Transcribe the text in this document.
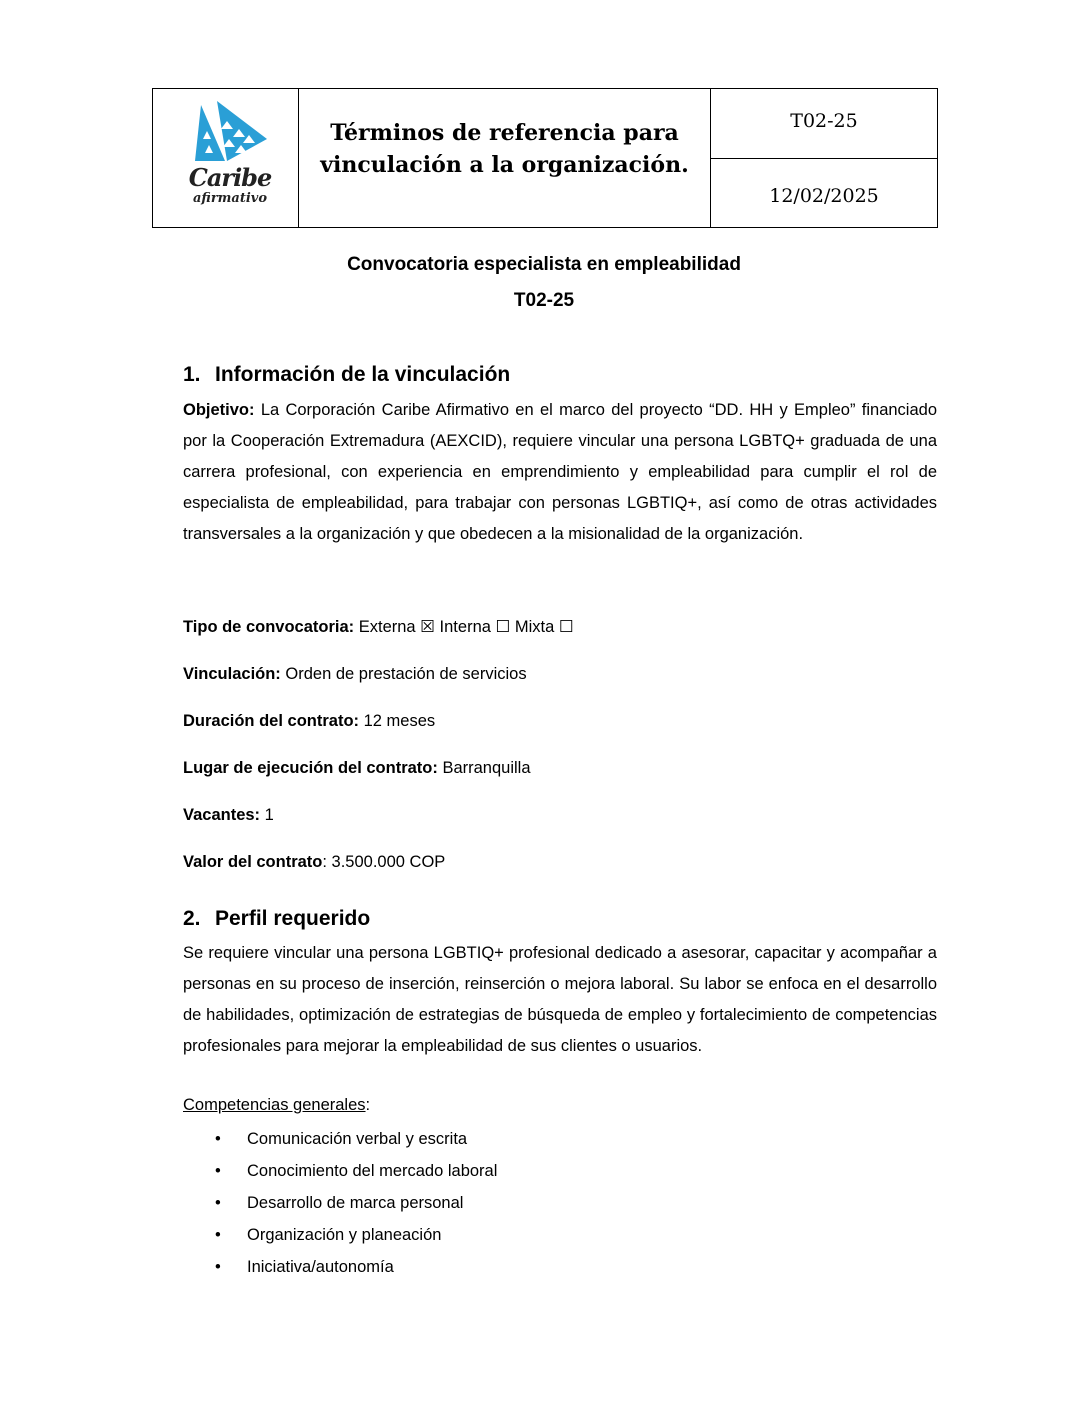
Caribe
afirmativo
Términos de referencia para vinculación a la organización.
T02-25
12/02/2025
Convocatoria especialista en empleabilidad
T02-25
1. Información de la vinculación
Objetivo: La Corporación Caribe Afirmativo en el marco del proyecto “DD. HH y Empleo” financiado por la Cooperación Extremadura (AEXCID), requiere vincular una persona LGBTQ+ graduada de una carrera profesional, con experiencia en emprendimiento y empleabilidad para cumplir el rol de especialista de empleabilidad, para trabajar con personas LGBTIQ+, así como de otras actividades transversales a la organización y que obedecen a la misionalidad de la organización.
Tipo de convocatoria: Externa ☒ Interna ☐ Mixta ☐
Vinculación: Orden de prestación de servicios
Duración del contrato: 12 meses
Lugar de ejecución del contrato: Barranquilla
Vacantes: 1
Valor del contrato: 3.500.000 COP
2. Perfil requerido
Se requiere vincular una persona LGBTIQ+ profesional dedicado a asesorar, capacitar y acompañar a personas en su proceso de inserción, reinserción o mejora laboral. Su labor se enfoca en el desarrollo de habilidades, optimización de estrategias de búsqueda de empleo y fortalecimiento de competencias profesionales para mejorar la empleabilidad de sus clientes o usuarios.
Competencias generales:
• Comunicación verbal y escrita
• Conocimiento del mercado laboral
• Desarrollo de marca personal
• Organización y planeación
• Iniciativa/autonomía
